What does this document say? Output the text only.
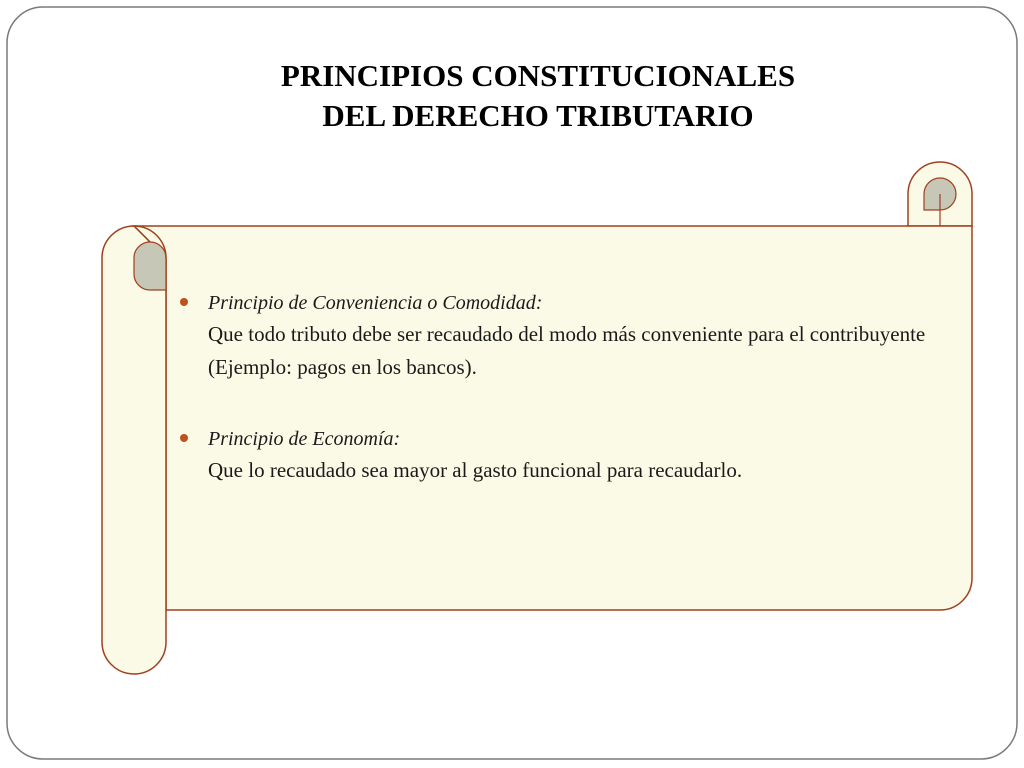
PRINCIPIOS CONSTITUCIONALES
DEL DERECHO TRIBUTARIO
Principio de Conveniencia o Comodidad:
Que todo tributo debe ser recaudado del modo más conveniente para el contribuyente (Ejemplo: pagos en los bancos).
Principio de Economía:
Que lo recaudado sea mayor al gasto funcional para recaudarlo.
